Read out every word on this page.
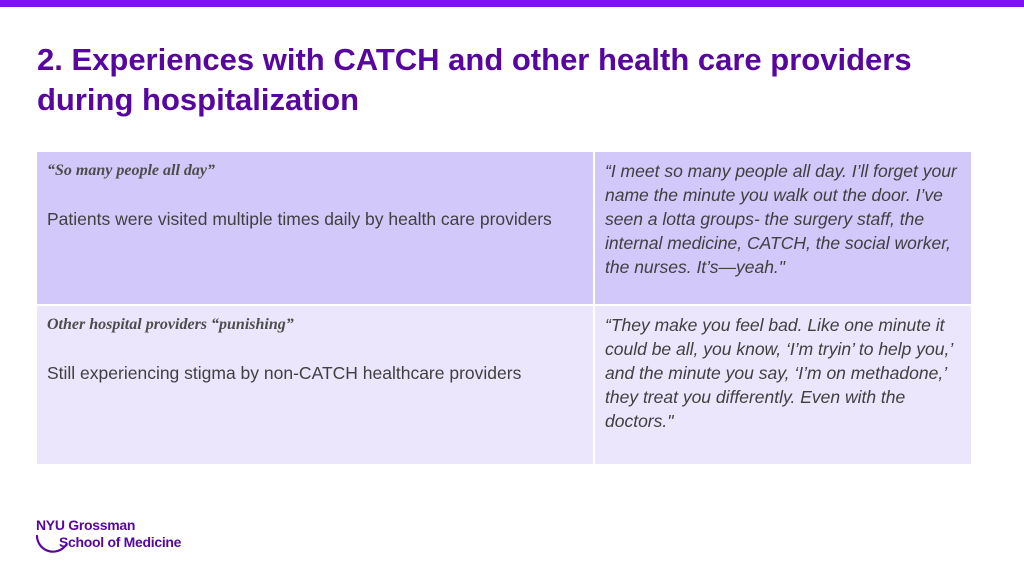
2. Experiences with CATCH and other health care providers during hospitalization

“So many people all day”

Patients were visited multiple times daily by health care providers	“I meet so many people all day. I’ll forget your name the minute you walk out the door. I’ve seen a lotta groups- the surgery staff, the internal medicine, CATCH, the social worker, the nurses. It’s—yeah."

Other hospital providers “punishing”

Still experiencing stigma by non-CATCH healthcare providers	“They make you feel bad. Like one minute it could be all, you know, ‘I’m tryin’ to help you,’ and the minute you say, ‘I’m on methadone,’ they treat you differently. Even with the doctors."

NYU Grossman
School of Medicine
